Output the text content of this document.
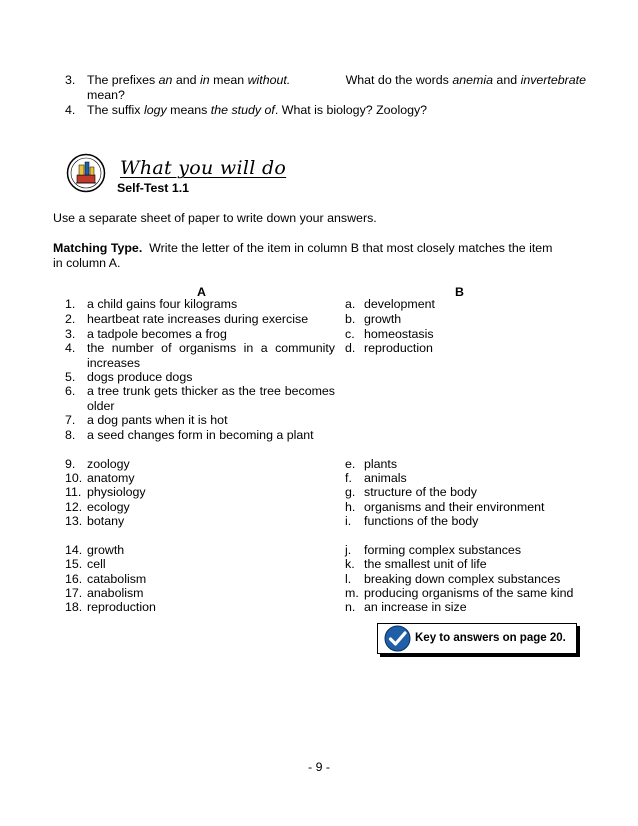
3. The prefixes an and in mean without.	What do the words anemia and invertebrate
mean?
4. The suffix logy means the study of. What is biology? Zoology?
What you will do
Self-Test 1.1
Use a separate sheet of paper to write down your answers.
Matching Type. Write the letter of the item in column B that most closely matches the item
in column A.
A	B
1. a child gains four kilograms
2. heartbeat rate increases during exercise
3. a tadpole becomes a frog
4. the number of organisms in a community
increases
5. dogs produce dogs
6. a tree trunk gets thicker as the tree becomes
older
7. a dog pants when it is hot
8. a seed changes form in becoming a plant
a. development
b. growth
c. homeostasis
d. reproduction
9. zoology
10. anatomy
11. physiology
12. ecology
13. botany
e. plants
f. animals
g. structure of the body
h. organisms and their environment
i. functions of the body
14. growth
15. cell
16. catabolism
17. anabolism
18. reproduction
j. forming complex substances
k. the smallest unit of life
l. breaking down complex substances
m. producing organisms of the same kind
n. an increase in size
Key to answers on page 20.
- 9 -
